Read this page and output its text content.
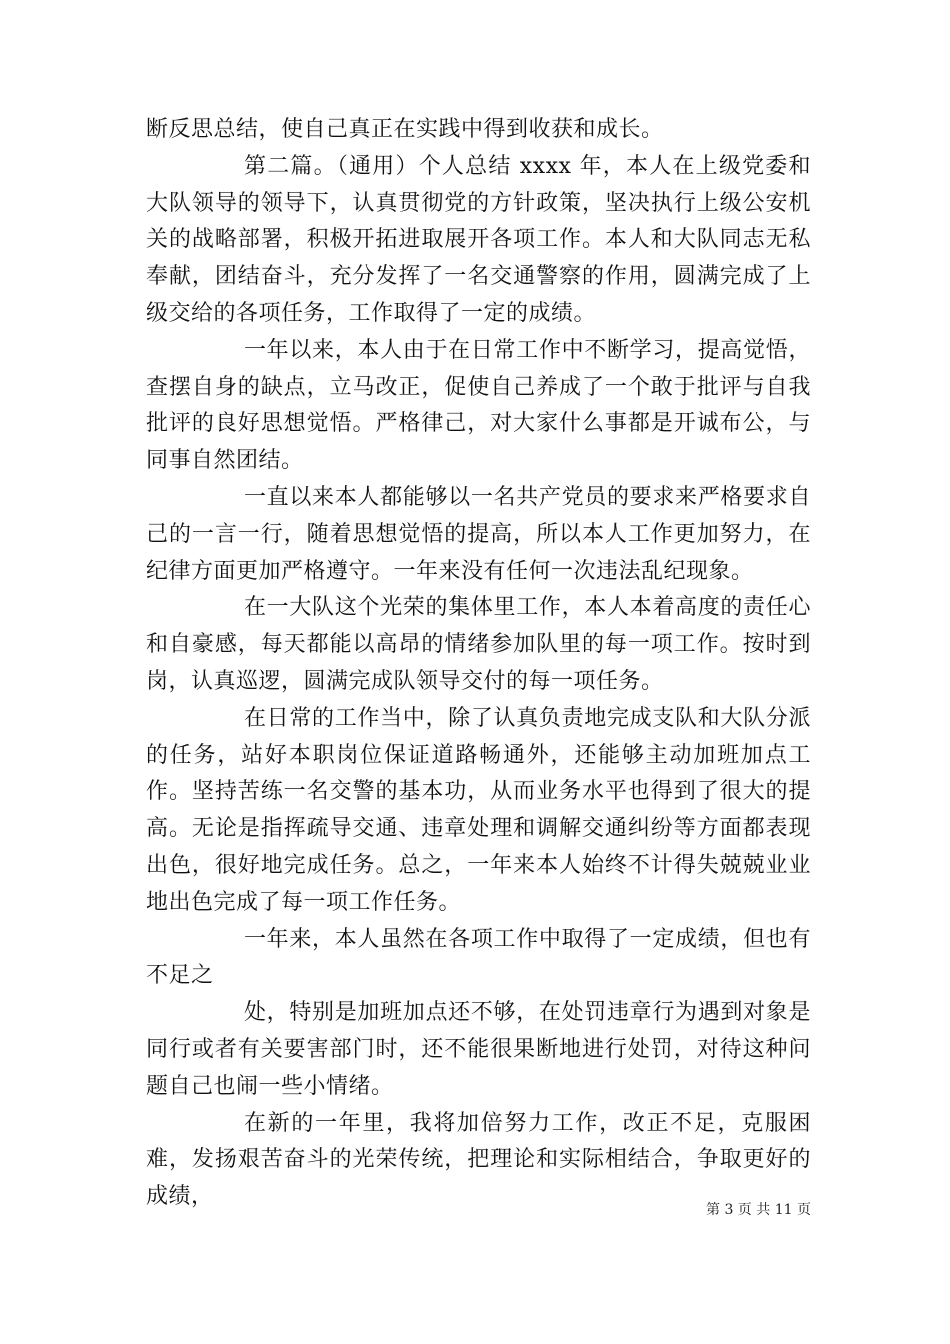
断反思总结，使自己真正在实践中得到收获和成长。

第二篇。（通用）个人总结 xxxx 年，本人在上级党委和大队领导的领导下，认真贯彻党的方针政策，坚决执行上级公安机关的战略部署，积极开拓进取展开各项工作。本人和大队同志无私奉献，团结奋斗，充分发挥了一名交通警察的作用，圆满完成了上级交给的各项任务，工作取得了一定的成绩。

一年以来，本人由于在日常工作中不断学习，提高觉悟，查摆自身的缺点，立马改正，促使自己养成了一个敢于批评与自我批评的良好思想觉悟。严格律己，对大家什么事都是开诚布公，与同事自然团结。

一直以来本人都能够以一名共产党员的要求来严格要求自己的一言一行，随着思想觉悟的提高，所以本人工作更加努力，在纪律方面更加严格遵守。一年来没有任何一次违法乱纪现象。

在一大队这个光荣的集体里工作，本人本着高度的责任心和自豪感，每天都能以高昂的情绪参加队里的每一项工作。按时到岗，认真巡逻，圆满完成队领导交付的每一项任务。

在日常的工作当中，除了认真负责地完成支队和大队分派的任务，站好本职岗位保证道路畅通外，还能够主动加班加点工作。坚持苦练一名交警的基本功，从而业务水平也得到了很大的提高。无论是指挥疏导交通、违章处理和调解交通纠纷等方面都表现出色，很好地完成任务。总之，一年来本人始终不计得失兢兢业业地出色完成了每一项工作任务。

一年来，本人虽然在各项工作中取得了一定成绩，但也有不足之

处，特别是加班加点还不够，在处罚违章行为遇到对象是同行或者有关要害部门时，还不能很果断地进行处罚，对待这种问题自己也闹一些小情绪。

在新的一年里，我将加倍努力工作，改正不足，克服困难，发扬艰苦奋斗的光荣传统，把理论和实际相结合，争取更好的成绩，

第 3 页 共 11 页
